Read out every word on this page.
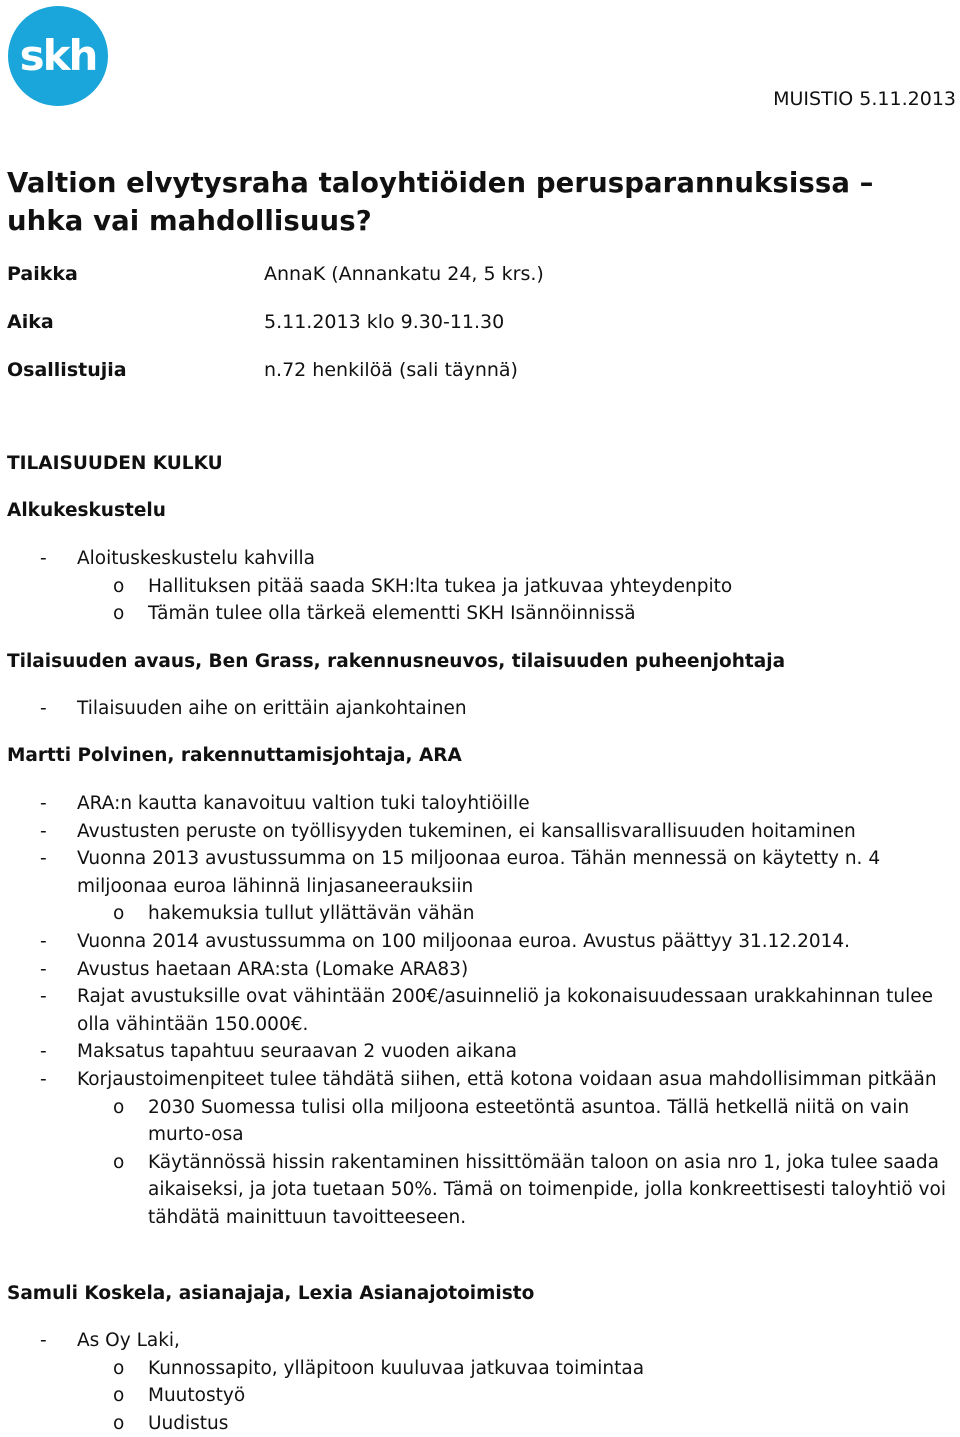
skh
MUISTIO 5.11.2013
Valtion elvytysraha taloyhtiöiden perusparannuksissa – uhka vai mahdollisuus?
Paikka	AnnaK (Annankatu 24, 5 krs.)
Aika	5.11.2013 klo 9.30-11.30
Osallistujia	n.72 henkilöä (sali täynnä)
TILAISUUDEN KULKU
Alkukeskustelu
- Aloituskeskustelu kahvilla
o Hallituksen pitää saada SKH:lta tukea ja jatkuvaa yhteydenpito
o Tämän tulee olla tärkeä elementti SKH Isännöinnissä
Tilaisuuden avaus, Ben Grass, rakennusneuvos, tilaisuuden puheenjohtaja
- Tilaisuuden aihe on erittäin ajankohtainen
Martti Polvinen, rakennuttamisjohtaja, ARA
- ARA:n kautta kanavoituu valtion tuki taloyhtiöille
- Avustusten peruste on työllisyyden tukeminen, ei kansallisvarallisuuden hoitaminen
- Vuonna 2013 avustussumma on 15 miljoonaa euroa. Tähän mennessä on käytetty n. 4 miljoonaa euroa lähinnä linjasaneerauksiin
o hakemuksia tullut yllättävän vähän
- Vuonna 2014 avustussumma on 100 miljoonaa euroa. Avustus päättyy 31.12.2014.
- Avustus haetaan ARA:sta (Lomake ARA83)
- Rajat avustuksille ovat vähintään 200€/asuinneliö ja kokonaisuudessaan urakkahinnan tulee olla vähintään 150.000€.
- Maksatus tapahtuu seuraavan 2 vuoden aikana
- Korjaustoimenpiteet tulee tähdätä siihen, että kotona voidaan asua mahdollisimman pitkään
o 2030 Suomessa tulisi olla miljoona esteetöntä asuntoa. Tällä hetkellä niitä on vain murto-osa
o Käytännössä hissin rakentaminen hissittömään taloon on asia nro 1, joka tulee saada aikaiseksi, ja jota tuetaan 50%. Tämä on toimenpide, jolla konkreettisesti taloyhtiö voi tähdätä mainittuun tavoitteeseen.
Samuli Koskela, asianajaja, Lexia Asianajotoimisto
- As Oy Laki,
o Kunnossapito, ylläpitoon kuuluvaa jatkuvaa toimintaa
o Muutostyö
o Uudistus
